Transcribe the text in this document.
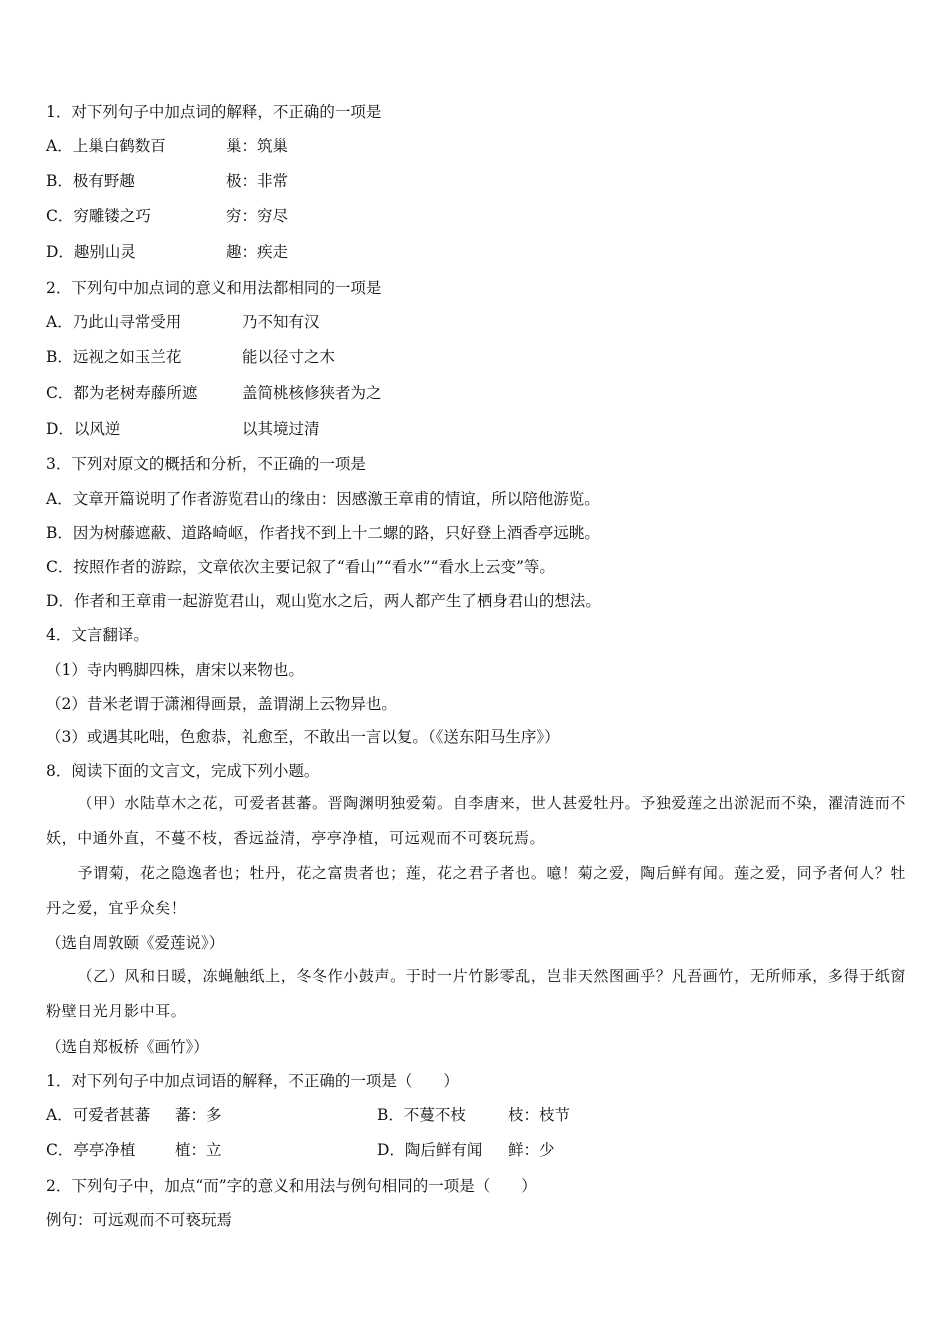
1．对下列句子中加点词的解释，不正确的一项是
A．上巢白鹤数百	巢：筑巢
B．极有野趣	极：非常
C．穷雕镂之巧	穷：穷尽
D．趣别山灵	趣：疾走
2．下列句中加点词的意义和用法都相同的一项是
A．乃此山寻常受用	乃不知有汉
B．远视之如玉兰花	能以径寸之木
C．都为老树寿藤所遮	盖简桃核修狭者为之
D．以风逆	以其境过清
3．下列对原文的概括和分析，不正确的一项是
A．文章开篇说明了作者游览君山的缘由：因感激王章甫的情谊，所以陪他游览。
B．因为树藤遮蔽、道路崎岖，作者找不到上十二螺的路，只好登上酒香亭远眺。
C．按照作者的游踪，文章依次主要记叙了“看山”“看水”“看水上云变”等。
D．作者和王章甫一起游览君山，观山览水之后，两人都产生了栖身君山的想法。
4．文言翻译。
（1）寺内鸭脚四株，唐宋以来物也。
（2）昔米老谓于潇湘得画景，盖谓湖上云物异也。
（3）或遇其叱咄，色愈恭，礼愈至，不敢出一言以复。（《送东阳马生序》）
8．阅读下面的文言文，完成下列小题。
（甲）水陆草木之花，可爱者甚蕃。晋陶渊明独爱菊。自李唐来，世人甚爱牡丹。予独爱莲之出淤泥而不染，濯清涟而不妖，中通外直，不蔓不枝，香远益清，亭亭净植，可远观而不可亵玩焉。
予谓菊，花之隐逸者也；牡丹，花之富贵者也；莲，花之君子者也。噫！菊之爱，陶后鲜有闻。莲之爱，同予者何人？牡丹之爱，宜乎众矣！
（选自周敦颐《爱莲说》）
（乙）风和日暖，冻蝇触纸上，冬冬作小鼓声。于时一片竹影零乱，岂非天然图画乎？凡吾画竹，无所师承，多得于纸窗粉壁日光月影中耳。
（选自郑板桥《画竹》）
1．对下列句子中加点词语的解释，不正确的一项是（　　）
A．可爱者甚蕃 蕃：多	B．不蔓不枝	枝：枝节
C．亭亭净植	植：立	D．陶后鲜有闻 鲜：少
2．下列句子中，加点“而”字的意义和用法与例句相同的一项是（　　）
例句：可远观而不可亵玩焉
